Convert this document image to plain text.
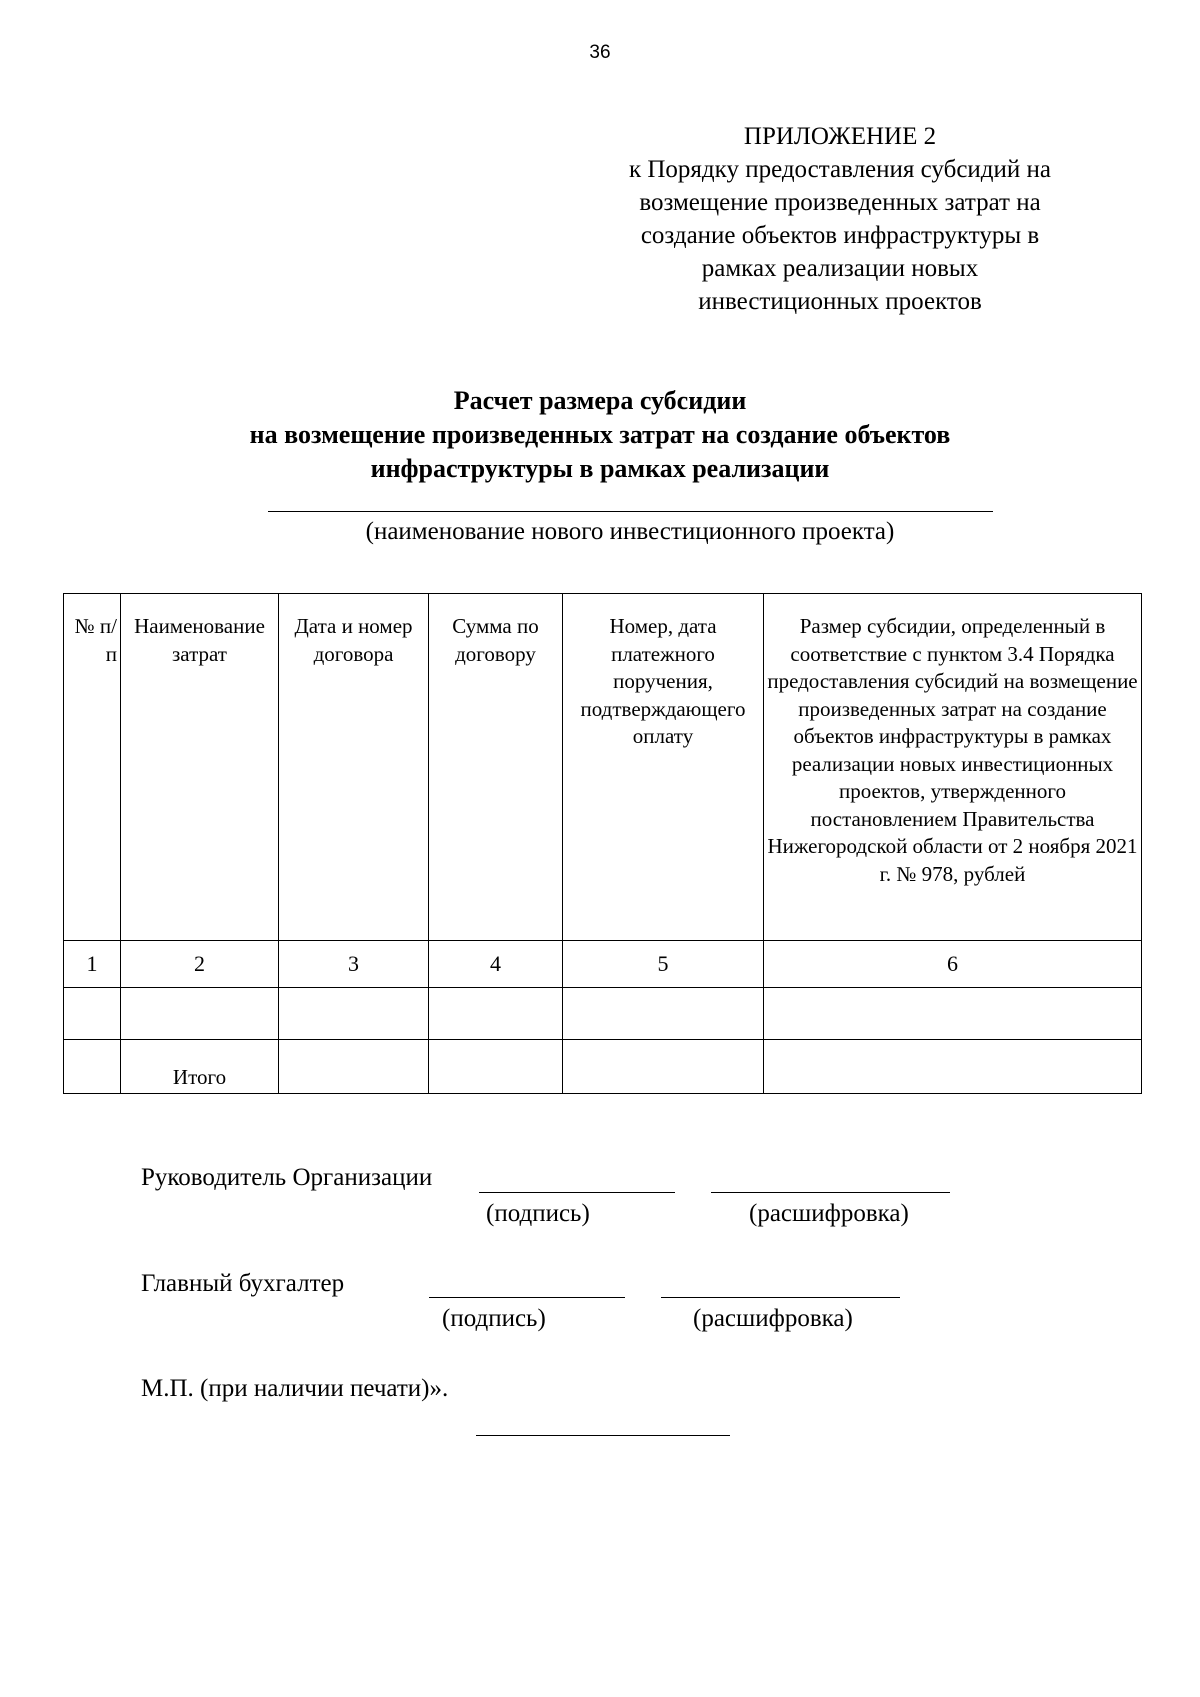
36
ПРИЛОЖЕНИЕ 2
к Порядку предоставления субсидий на
возмещение произведенных затрат на
создание объектов инфраструктуры в
рамках реализации новых
инвестиционных проектов
Расчет размера субсидии
на возмещение произведенных затрат на создание объектов
инфраструктуры в рамках реализации
(наименование нового инвестиционного проекта)
№ п/п	Наименование затрат	Дата и номер договора	Сумма по договору	Номер, дата платежного поручения, подтверждающего оплату	Размер субсидии, определенный в соответствие с пунктом 3.4 Порядка предоставления субсидий на возмещение произведенных затрат на создание объектов инфраструктуры в рамках реализации новых инвестиционных проектов, утвержденного постановлением Правительства Нижегородской области от 2 ноября 2021 г. № 978, рублей
1	2	3	4	5	6

	Итого				
Руководитель Организации
(подпись)	(расшифровка)
Главный бухгалтер
(подпись)	(расшифровка)
М.П. (при наличии печати)».
